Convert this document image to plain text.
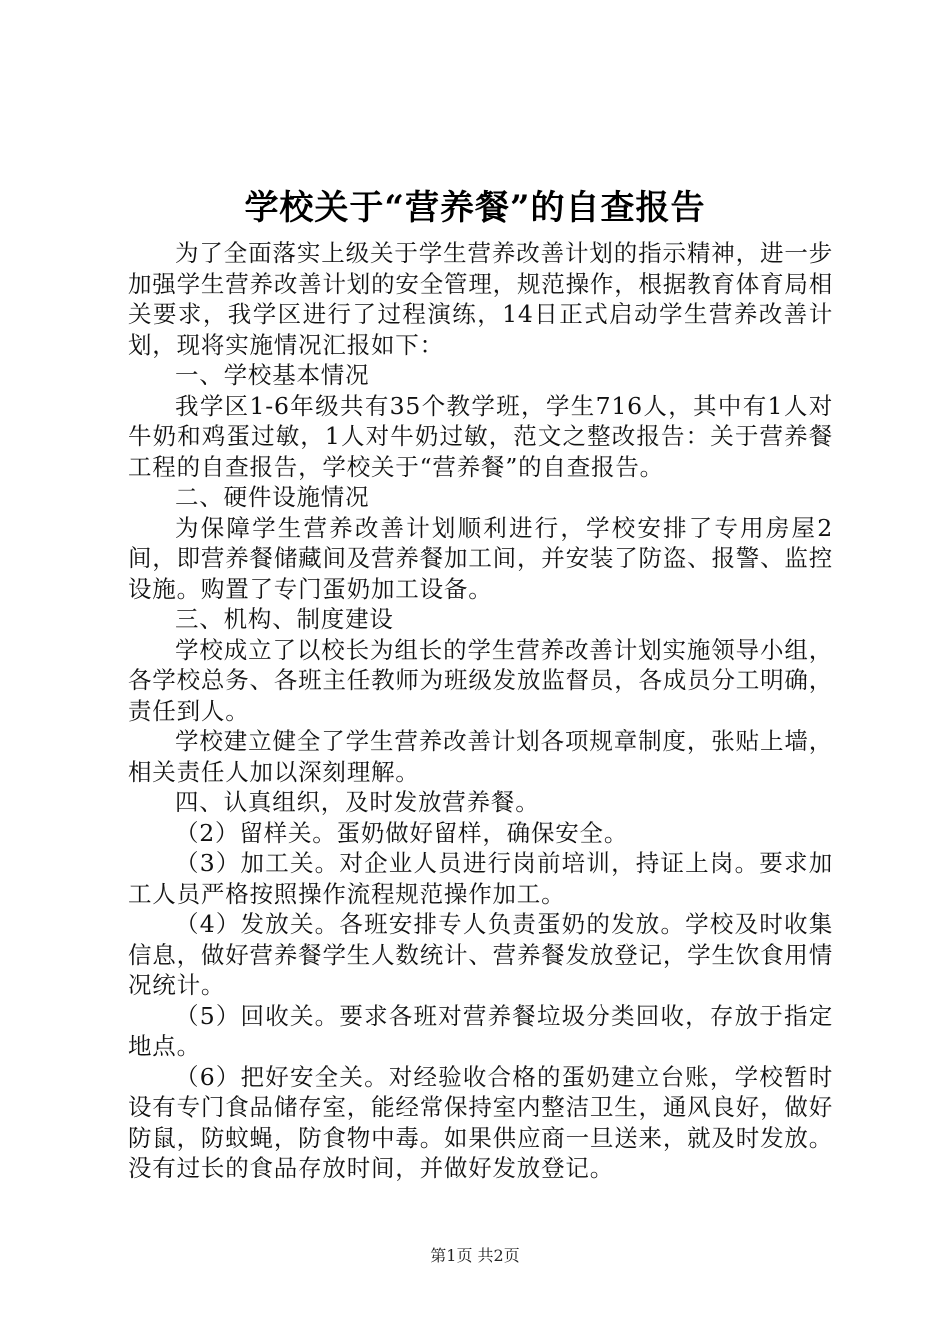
学校关于“营养餐”的自查报告

为了全面落实上级关于学生营养改善计划的指示精神，进一步加强学生营养改善计划的安全管理，规范操作，根据教育体育局相关要求，我学区进行了过程演练，14日正式启动学生营养改善计划，现将实施情况汇报如下：

一、学校基本情况

我学区1-6年级共有35个教学班，学生716人，其中有1人对牛奶和鸡蛋过敏，1人对牛奶过敏，范文之整改报告：关于营养餐工程的自查报告，学校关于“营养餐”的自查报告。

二、硬件设施情况

为保障学生营养改善计划顺利进行，学校安排了专用房屋2间，即营养餐储藏间及营养餐加工间，并安装了防盗、报警、监控设施。购置了专门蛋奶加工设备。

三、机构、制度建设

学校成立了以校长为组长的学生营养改善计划实施领导小组，各学校总务、各班主任教师为班级发放监督员，各成员分工明确，责任到人。

学校建立健全了学生营养改善计划各项规章制度，张贴上墙，相关责任人加以深刻理解。

四、认真组织，及时发放营养餐。

（2）留样关。蛋奶做好留样，确保安全。

（3）加工关。对企业人员进行岗前培训，持证上岗。要求加工人员严格按照操作流程规范操作加工。

（4）发放关。各班安排专人负责蛋奶的发放。学校及时收集信息，做好营养餐学生人数统计、营养餐发放登记，学生饮食用情况统计。

（5）回收关。要求各班对营养餐垃圾分类回收，存放于指定地点。

（6）把好安全关。对经验收合格的蛋奶建立台账，学校暂时设有专门食品储存室，能经常保持室内整洁卫生，通风良好，做好防鼠，防蚊蝇，防食物中毒。如果供应商一旦送来，就及时发放。没有过长的食品存放时间，并做好发放登记。

第1页 共2页
